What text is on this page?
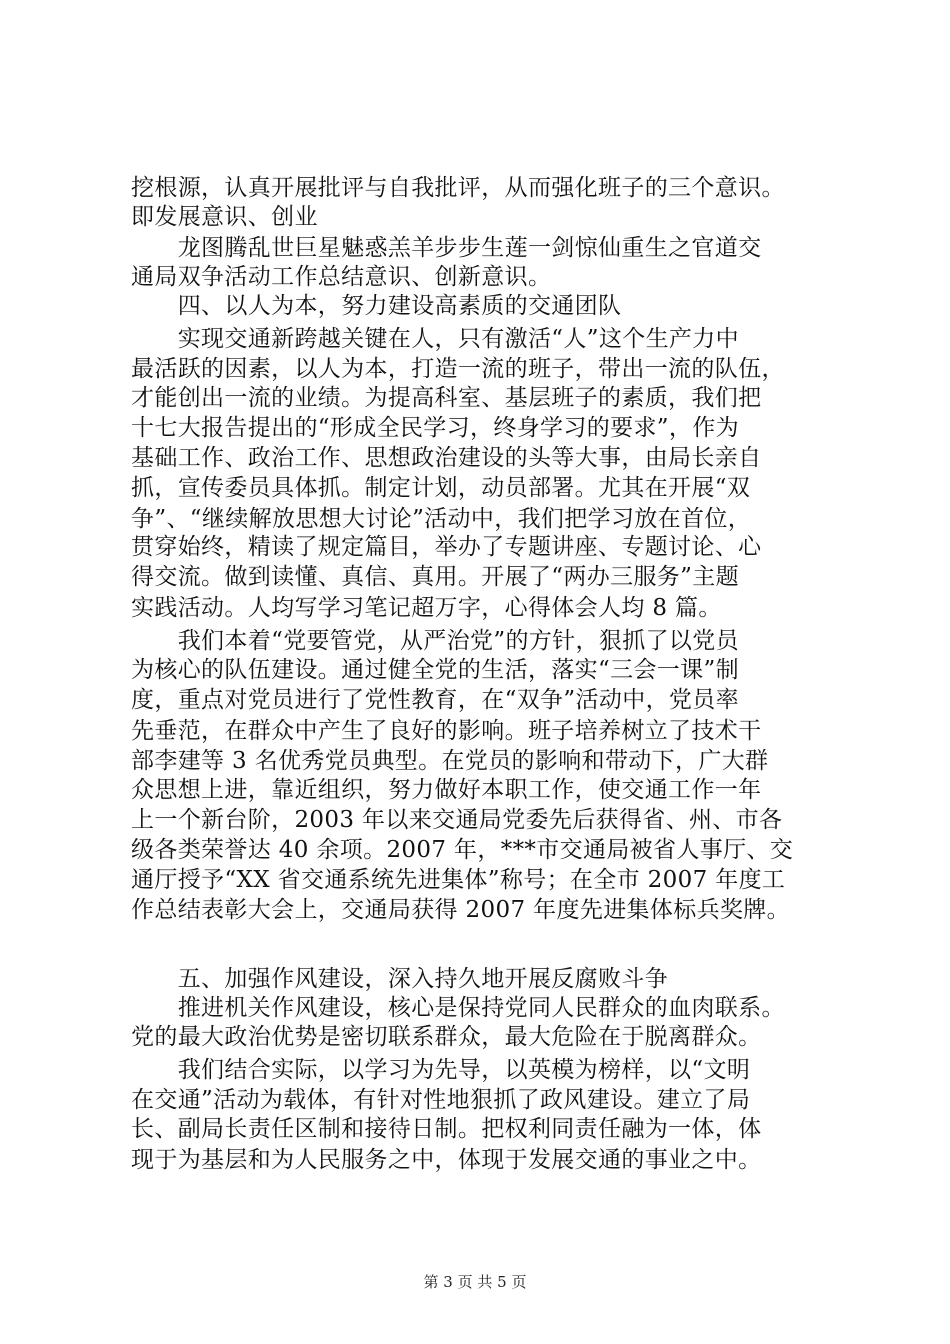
挖根源，认真开展批评与自我批评，从而强化班子的三个意识。
即发展意识、创业
　　龙图腾乱世巨星魅惑羔羊步步生莲一剑惊仙重生之官道交
通局双争活动工作总结意识、创新意识。
　　四、以人为本，努力建设高素质的交通团队
　　实现交通新跨越关键在人，只有激活“人”这个生产力中
最活跃的因素，以人为本，打造一流的班子，带出一流的队伍，
才能创出一流的业绩。为提高科室、基层班子的素质，我们把
十七大报告提出的“形成全民学习，终身学习的要求”，作为
基础工作、政治工作、思想政治建设的头等大事，由局长亲自
抓，宣传委员具体抓。制定计划，动员部署。尤其在开展“双
争”、“继续解放思想大讨论”活动中，我们把学习放在首位，
贯穿始终，精读了规定篇目，举办了专题讲座、专题讨论、心
得交流。做到读懂、真信、真用。开展了“两办三服务”主题
实践活动。人均写学习笔记超万字，心得体会人均 8 篇。
　　我们本着“党要管党，从严治党”的方针，狠抓了以党员
为核心的队伍建设。通过健全党的生活，落实“三会一课”制
度，重点对党员进行了党性教育，在“双争”活动中，党员率
先垂范，在群众中产生了良好的影响。班子培养树立了技术干
部李建等 3 名优秀党员典型。在党员的影响和带动下，广大群
众思想上进，靠近组织，努力做好本职工作，使交通工作一年
上一个新台阶，2003 年以来交通局党委先后获得省、州、市各
级各类荣誉达 40 余项。2007 年，***市交通局被省人事厅、交
通厅授予“XX 省交通系统先进集体”称号；在全市 2007 年度工
作总结表彰大会上，交通局获得 2007 年度先进集体标兵奖牌。
　　五、加强作风建设，深入持久地开展反腐败斗争
　　推进机关作风建设，核心是保持党同人民群众的血肉联系。
党的最大政治优势是密切联系群众，最大危险在于脱离群众。
　　我们结合实际，以学习为先导，以英模为榜样，以“文明
在交通”活动为载体，有针对性地狠抓了政风建设。建立了局
长、副局长责任区制和接待日制。把权利同责任融为一体，体
现于为基层和为人民服务之中，体现于发展交通的事业之中。
第 3 页 共 5 页
